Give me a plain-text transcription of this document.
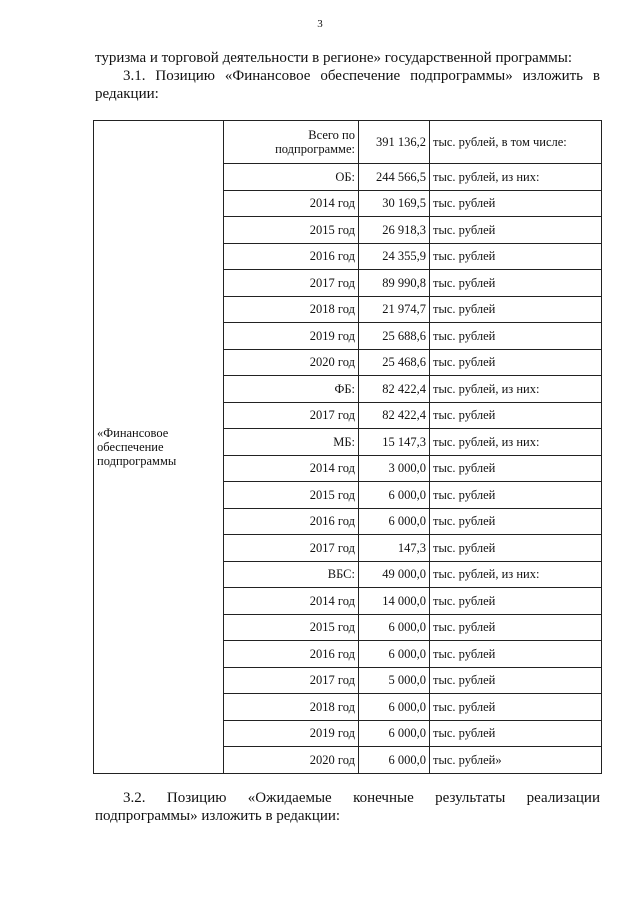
3
туризма и торговой деятельности в регионе» государственной программы:
3.1. Позицию «Финансовое обеспечение подпрограммы» изложить в
редакции:
«Финансовое обеспечение подпрограммы	Всего по подпрограмме:	391 136,2	тыс. рублей, в том числе:
	ОБ:	244 566,5	тыс. рублей, из них:
	2014 год	30 169,5	тыс. рублей
	2015 год	26 918,3	тыс. рублей
	2016 год	24 355,9	тыс. рублей
	2017 год	89 990,8	тыс. рублей
	2018 год	21 974,7	тыс. рублей
	2019 год	25 688,6	тыс. рублей
	2020 год	25 468,6	тыс. рублей
	ФБ:	82 422,4	тыс. рублей, из них:
	2017 год	82 422,4	тыс. рублей
	МБ:	15 147,3	тыс. рублей, из них:
	2014 год	3 000,0	тыс. рублей
	2015 год	6 000,0	тыс. рублей
	2016 год	6 000,0	тыс. рублей
	2017 год	147,3	тыс. рублей
	ВБС:	49 000,0	тыс. рублей, из них:
	2014 год	14 000,0	тыс. рублей
	2015 год	6 000,0	тыс. рублей
	2016 год	6 000,0	тыс. рублей
	2017 год	5 000,0	тыс. рублей
	2018 год	6 000,0	тыс. рублей
	2019 год	6 000,0	тыс. рублей
	2020 год	6 000,0	тыс. рублей»
3.2. Позицию «Ожидаемые конечные результаты реализации
подпрограммы» изложить в редакции:
